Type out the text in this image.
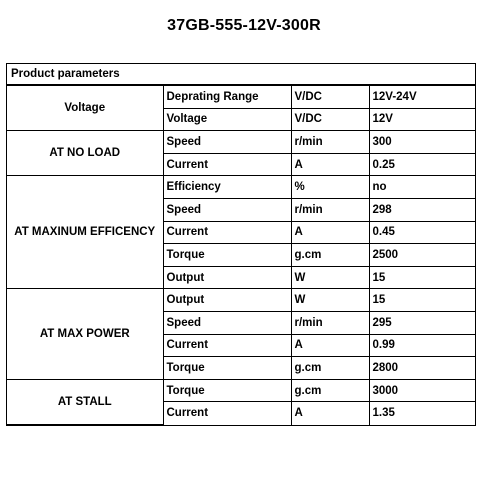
37GB-555-12V-300R
Product parameters
Voltage	Deprating Range	V/DC	12V-24V
	Voltage	V/DC	12V
AT NO LOAD	Speed	r/min	300
	Current	A	0.25
AT MAXINUM EFFICENCY	Efficiency	%	no
	Speed	r/min	298
	Current	A	0.45
	Torque	g.cm	2500
	Output	W	15
AT MAX POWER	Output	W	15
	Speed	r/min	295
	Current	A	0.99
	Torque	g.cm	2800
AT STALL	Torque	g.cm	3000
	Current	A	1.35
